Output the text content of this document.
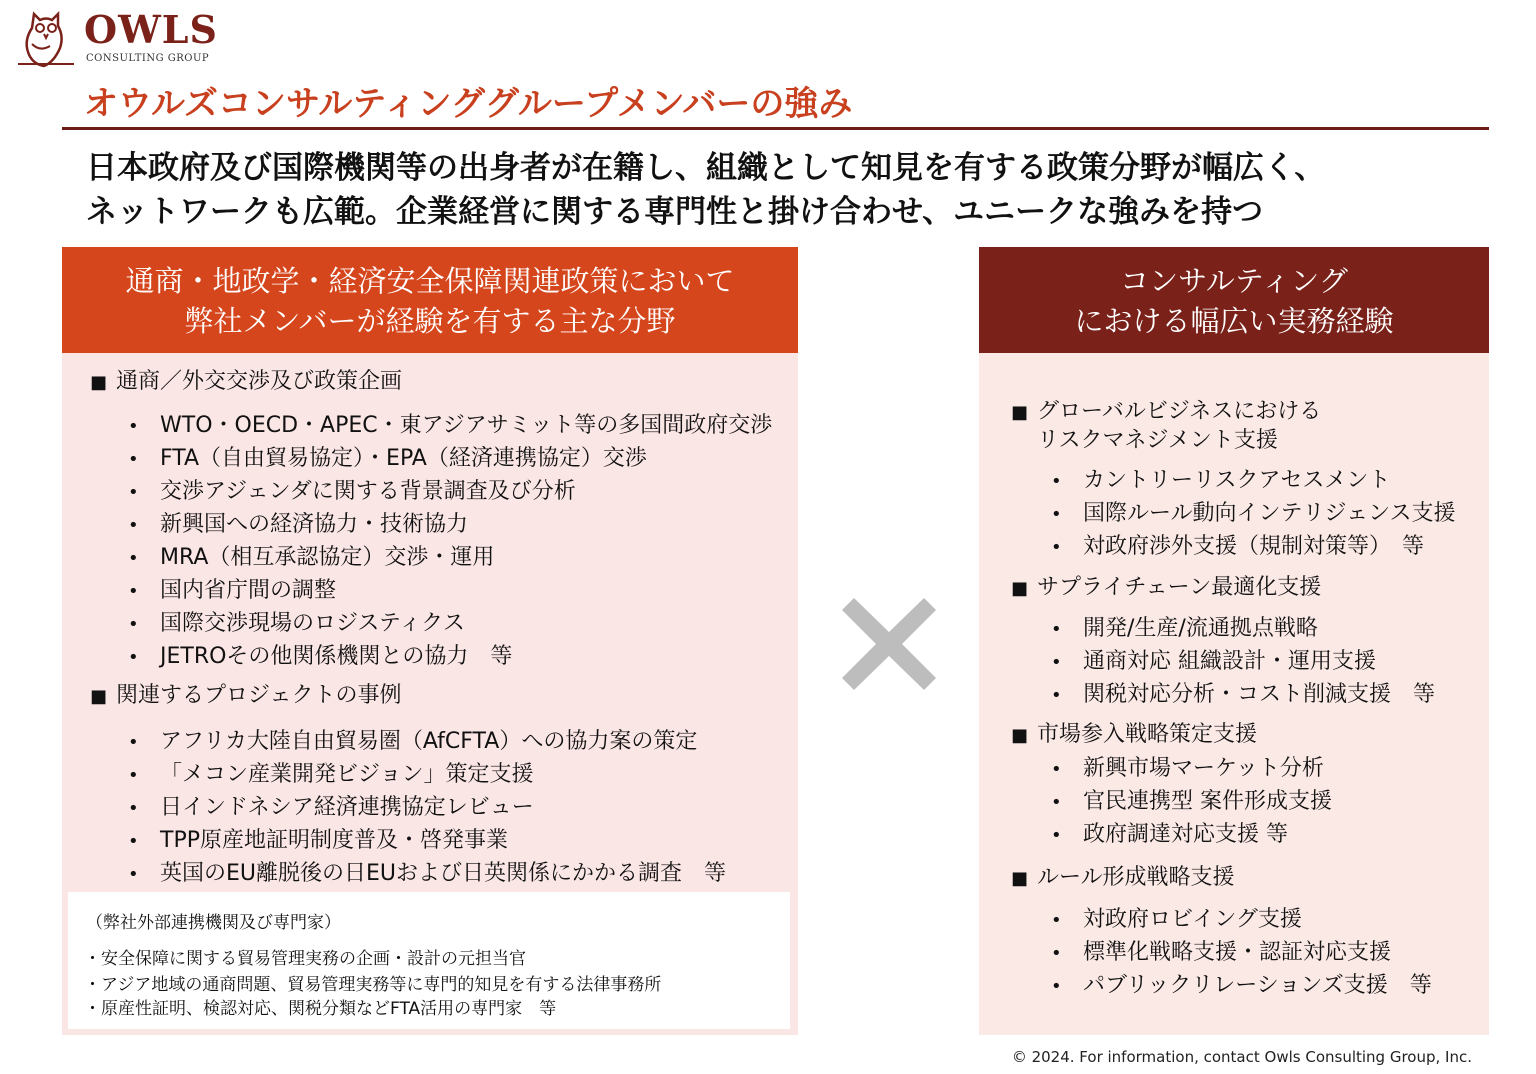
OWLS
CONSULTING GROUP
オウルズコンサルティンググループメンバーの強み
日本政府及び国際機関等の出身者が在籍し、組織として知見を有する政策分野が幅広く、
ネットワークも広範。企業経営に関する専門性と掛け合わせ、ユニークな強みを持つ
通商・地政学・経済安全保障関連政策において
弊社メンバーが経験を有する主な分野
■ 通商／外交交渉及び政策企画
• WTO・OECD・APEC・東アジアサミット等の多国間政府交渉
• FTA（自由貿易協定）・EPA（経済連携協定）交渉
• 交渉アジェンダに関する背景調査及び分析
• 新興国への経済協力・技術協力
• MRA（相互承認協定）交渉・運用
• 国内省庁間の調整
• 国際交渉現場のロジスティクス
• JETROその他関係機関との協力　等
■ 関連するプロジェクトの事例
• アフリカ大陸自由貿易圏（AfCFTA）への協力案の策定
• 「メコン産業開発ビジョン」策定支援
• 日インドネシア経済連携協定レビュー
• TPP原産地証明制度普及・啓発事業
• 英国のEU離脱後の日EUおよび日英関係にかかる調査　等
（弊社外部連携機関及び専門家）
・安全保障に関する貿易管理実務の企画・設計の元担当官
・アジア地域の通商問題、貿易管理実務等に専門的知見を有する法律事務所
・原産性証明、検認対応、関税分類などFTA活用の専門家　等
コンサルティング
における幅広い実務経験
■ グローバルビジネスにおける
リスクマネジメント支援
• カントリーリスクアセスメント
• 国際ルール動向インテリジェンス支援
• 対政府渉外支援（規制対策等）　等
■ サプライチェーン最適化支援
• 開発/生産/流通拠点戦略
• 通商対応 組織設計・運用支援
• 関税対応分析・コスト削減支援　等
■ 市場参入戦略策定支援
• 新興市場マーケット分析
• 官民連携型 案件形成支援
• 政府調達対応支援 等
■ ルール形成戦略支援
• 対政府ロビイング支援
• 標準化戦略支援・認証対応支援
• パブリックリレーションズ支援　等
© 2024. For information, contact Owls Consulting Group, Inc.
